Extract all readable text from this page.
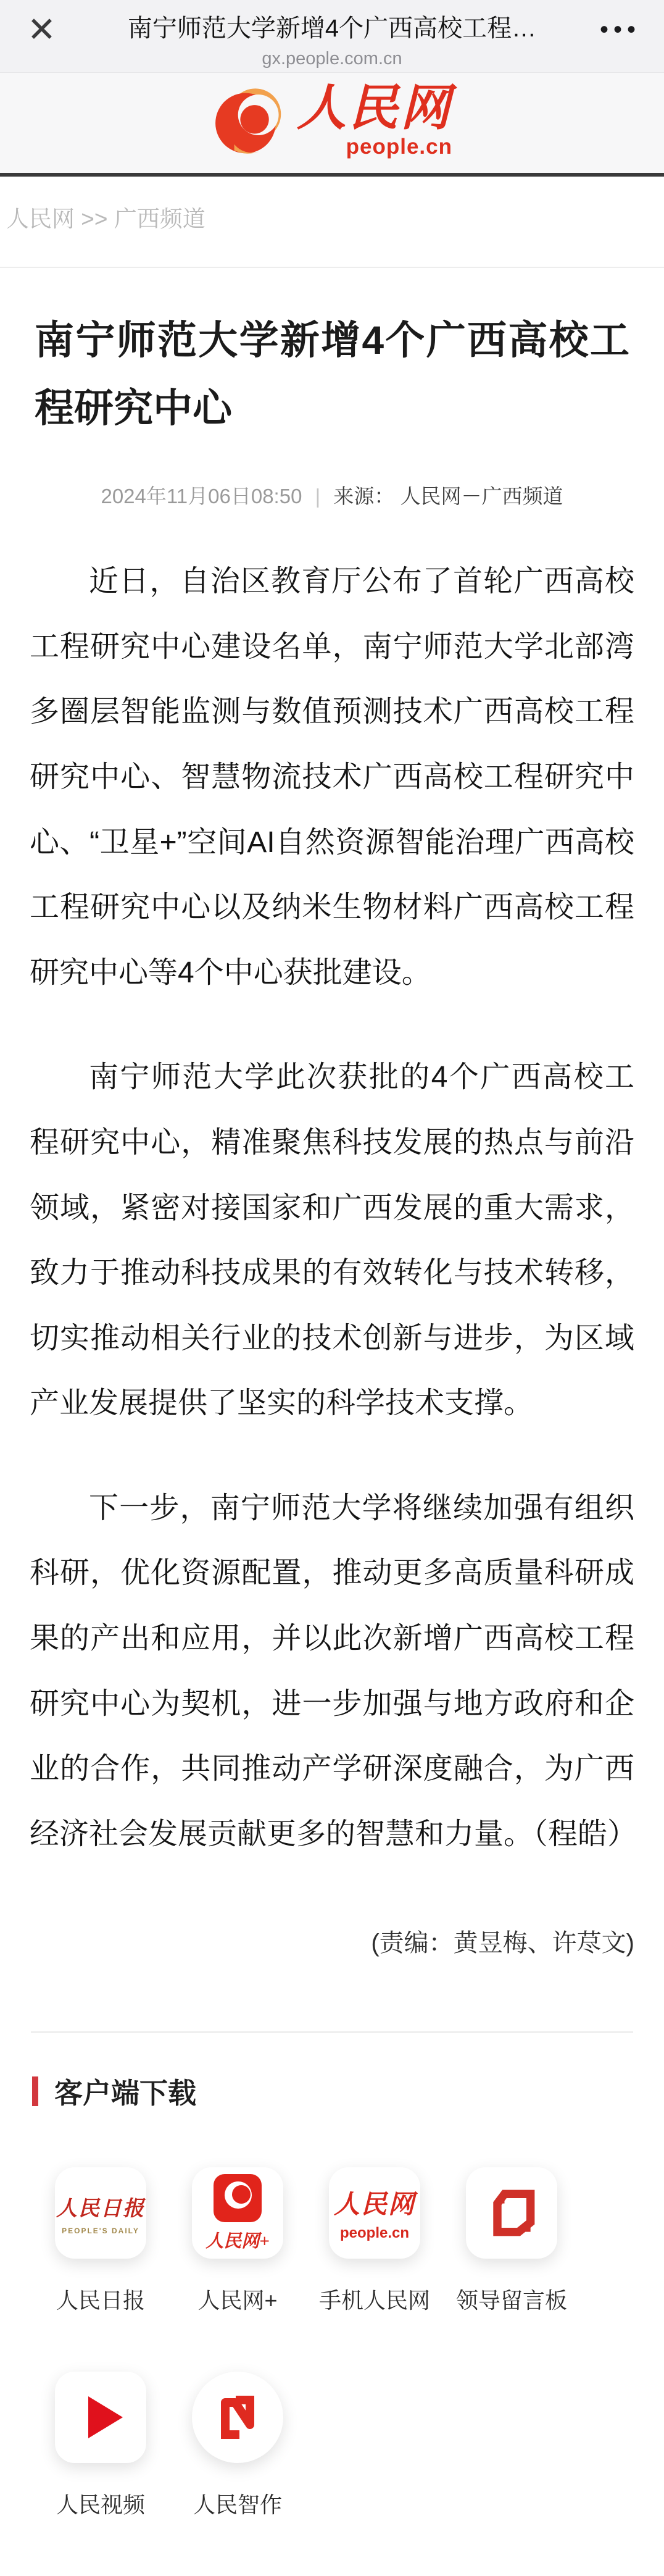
✕	南宁师范大学新增4个广西高校工程…
gx.people.com.cn
•••
人民网
people.cn
人民网 >> 广西频道
南宁师范大学新增4个广西高校工程研究中心
2024年11月06日08:50 | 来源： 人民网－广西频道

近日，自治区教育厅公布了首轮广西高校工程研究中心建设名单，南宁师范大学北部湾多圈层智能监测与数值预测技术广西高校工程研究中心、智慧物流技术广西高校工程研究中心、“卫星+”空间AI自然资源智能治理广西高校工程研究中心以及纳米生物材料广西高校工程研究中心等4个中心获批建设。

南宁师范大学此次获批的4个广西高校工程研究中心，精准聚焦科技发展的热点与前沿领域，紧密对接国家和广西发展的重大需求，致力于推动科技成果的有效转化与技术转移，切实推动相关行业的技术创新与进步，为区域产业发展提供了坚实的科学技术支撑。

下一步，南宁师范大学将继续加强有组织科研，优化资源配置，推动更多高质量科研成果的产出和应用，并以此次新增广西高校工程研究中心为契机，进一步加强与地方政府和企业的合作，共同推动产学研深度融合，为广西经济社会发展贡献更多的智慧和力量。（程皓）

(责编：黄昱梅、许荩文)
客户端下载
人民日报
PEOPLE'S DAILY
人民日报
人民网+
人民网+
人民网
people.cn
手机人民网 领导留言板
人民视频 人民智作
